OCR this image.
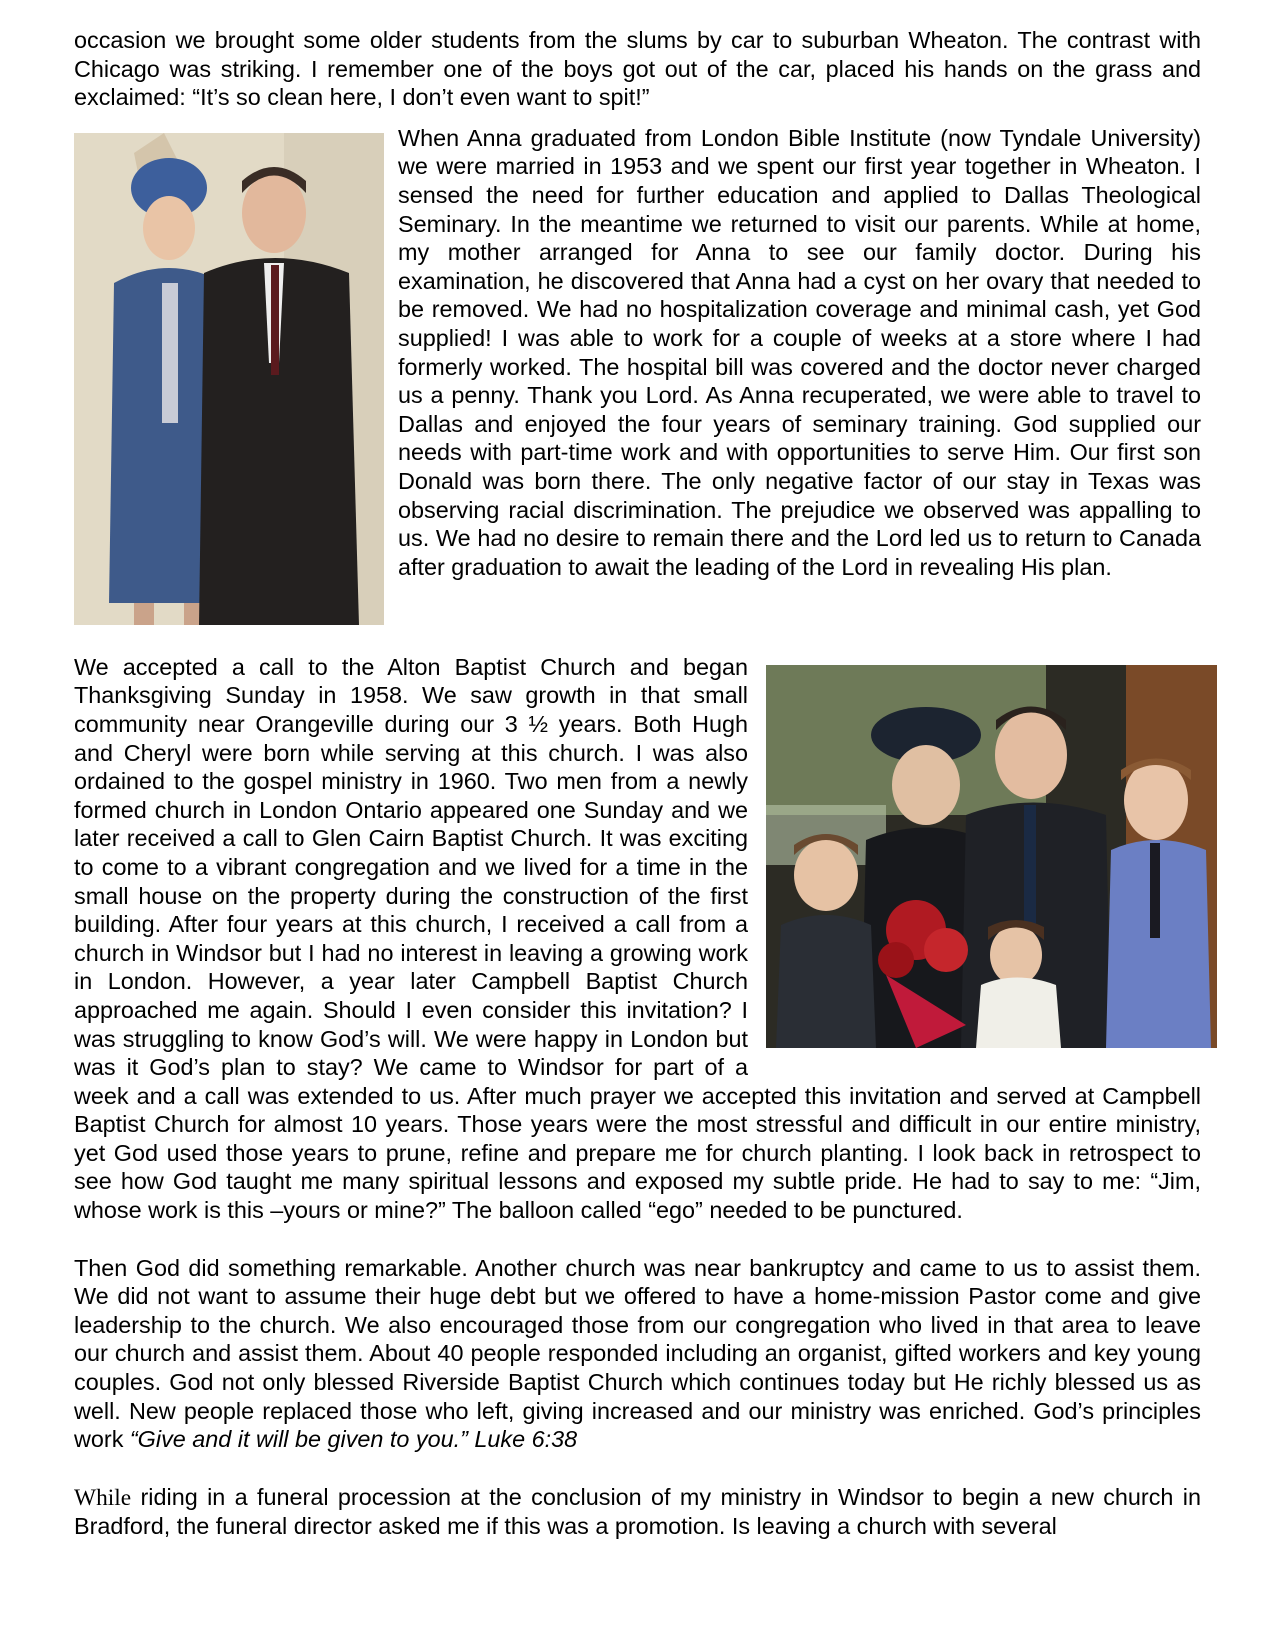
occasion we brought some older students from the slums by car to suburban Wheaton. The contrast with Chicago was striking. I remember one of the boys got out of the car, placed his hands on the grass and exclaimed: “It’s so clean here, I don’t even want to spit!”

When Anna graduated from London Bible Institute (now Tyndale University) we were married in 1953 and we spent our first year together in Wheaton. I sensed the need for further education and applied to Dallas Theological Seminary. In the meantime we returned to visit our parents. While at home, my mother arranged for Anna to see our family doctor. During his examination, he discovered that Anna had a cyst on her ovary that needed to be removed. We had no hospitalization coverage and minimal cash, yet God supplied! I was able to work for a couple of weeks at a store where I had formerly worked. The hospital bill was covered and the doctor never charged us a penny. Thank you Lord. As Anna recuperated, we were able to travel to Dallas and enjoyed the four years of seminary training. God supplied our needs with part-time work and with opportunities to serve Him. Our first son Donald was born there. The only negative factor of our stay in Texas was observing racial discrimination. The prejudice we observed was appalling to us. We had no desire to remain there and the Lord led us to return to Canada after graduation to await the leading of the Lord in revealing His plan.

We accepted a call to the Alton Baptist Church and began Thanksgiving Sunday in 1958. We saw growth in that small community near Orangeville during our 3 ½ years. Both Hugh and Cheryl were born while serving at this church. I was also ordained to the gospel ministry in 1960. Two men from a newly formed church in London Ontario appeared one Sunday and we later received a call to Glen Cairn Baptist Church. It was exciting to come to a vibrant congregation and we lived for a time in the small house on the property during the construction of the first building. After four years at this church, I received a call from a church in Windsor but I had no interest in leaving a growing work in London. However, a year later Campbell Baptist Church approached me again. Should I even consider this invitation? I was struggling to know God’s will. We were happy in London but was it God’s plan to stay? We came to Windsor for part of a week and a call was extended to us. After much prayer we accepted this invitation and served at Campbell Baptist Church for almost 10 years. Those years were the most stressful and difficult in our entire ministry, yet God used those years to prune, refine and prepare me for church planting. I look back in retrospect to see how God taught me many spiritual lessons and exposed my subtle pride. He had to say to me: “Jim, whose work is this –yours or mine?” The balloon called “ego” needed to be punctured.

Then God did something remarkable. Another church was near bankruptcy and came to us to assist them. We did not want to assume their huge debt but we offered to have a home-mission Pastor come and give leadership to the church. We also encouraged those from our congregation who lived in that area to leave our church and assist them. About 40 people responded including an organist, gifted workers and key young couples. God not only blessed Riverside Baptist Church which continues today but He richly blessed us as well. New people replaced those who left, giving increased and our ministry was enriched. God’s principles work “Give and it will be given to you.” Luke 6:38

While riding in a funeral procession at the conclusion of my ministry in Windsor to begin a new church in Bradford, the funeral director asked me if this was a promotion. Is leaving a church with several
